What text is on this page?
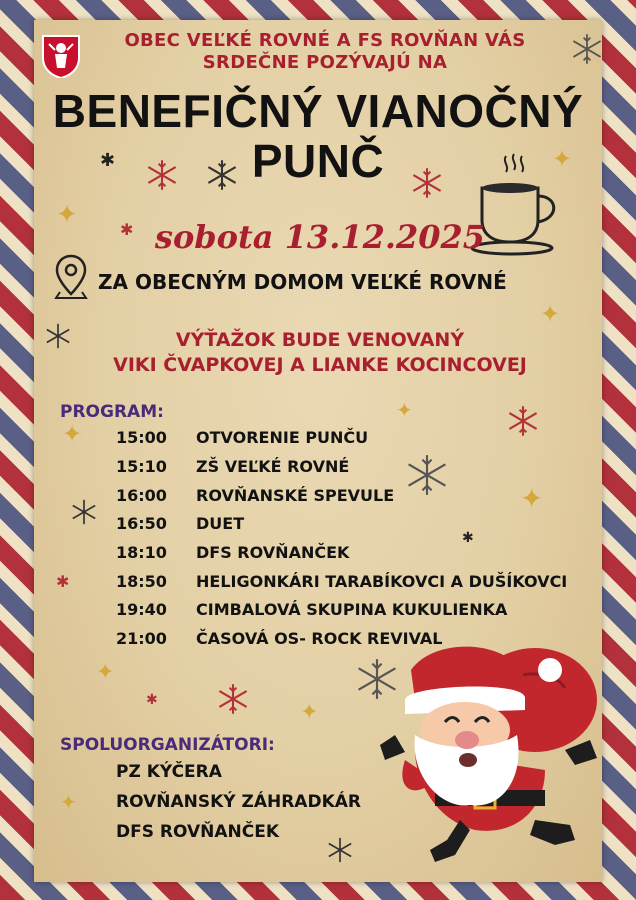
OBEC VEĽKÉ ROVNÉ A FS ROVŇAN VÁS
SRDEČNE POZÝVAJÚ NA
BENEFIČNÝ VIANOČNÝ
PUNČ
sobota 13.12.2025
ZA OBECNÝM DOMOM VEĽKÉ ROVNÉ
VÝŤAŽOK BUDE VENOVANÝ
VIKI ČVAPKOVEJ A LIANKE KOCINCOVEJ
PROGRAM:
15:00 OTVORENIE PUNČU
15:10 ZŠ VEĽKÉ ROVNÉ
16:00 ROVŇANSKÉ SPEVULE
16:50 DUET
18:10 DFS ROVŇANČEK
18:50 HELIGONKÁRI TARABÍKOVCI A DUŠÍKOVCI
19:40 CIMBALOVÁ SKUPINA KUKULIENKA
21:00 ČASOVÁ OS- ROCK REVIVAL
SPOLUORGANIZÁTORI:
PZ KÝČERA
ROVŇANSKÝ ZÁHRADKÁR
DFS ROVŇANČEK
✱
✱
✱
✱
✱
✦
✦
✦
✦
✦
✦
✦
✦
✦
